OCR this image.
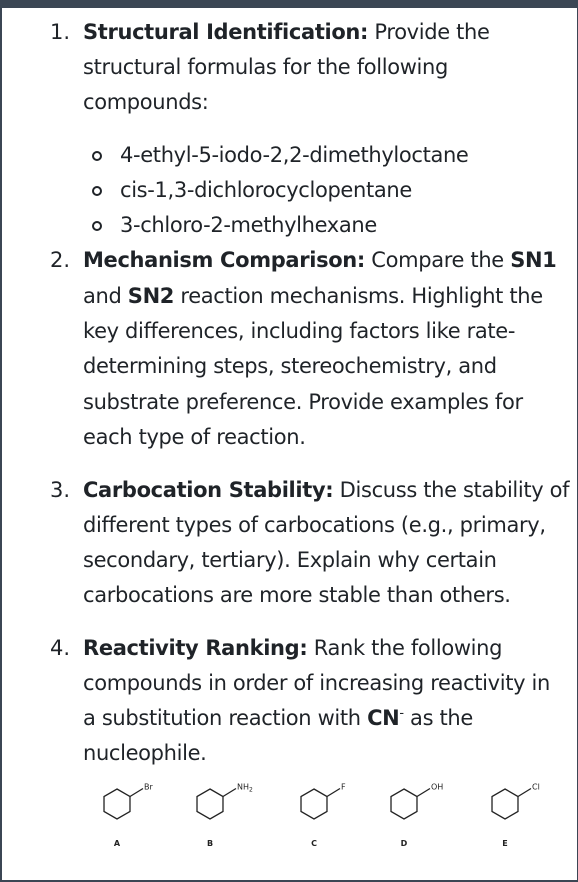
1. Structural Identification: Provide the
structural formulas for the following
compounds:
4-ethyl-5-iodo-2,2-dimethyloctane
cis-1,3-dichlorocyclopentane
3-chloro-2-methylhexane
2. Mechanism Comparison: Compare the SN1
and SN2 reaction mechanisms. Highlight the
key differences, including factors like rate-
determining steps, stereochemistry, and
substrate preference. Provide examples for
each type of reaction.
3. Carbocation Stability: Discuss the stability of
different types of carbocations (e.g., primary,
secondary, tertiary). Explain why certain
carbocations are more stable than others.
4. Reactivity Ranking: Rank the following
compounds in order of increasing reactivity in
a substitution reaction with CN- as the
nucleophile.
Br
A
$NH_2$
B
F
C
OH
D
Cl
E
